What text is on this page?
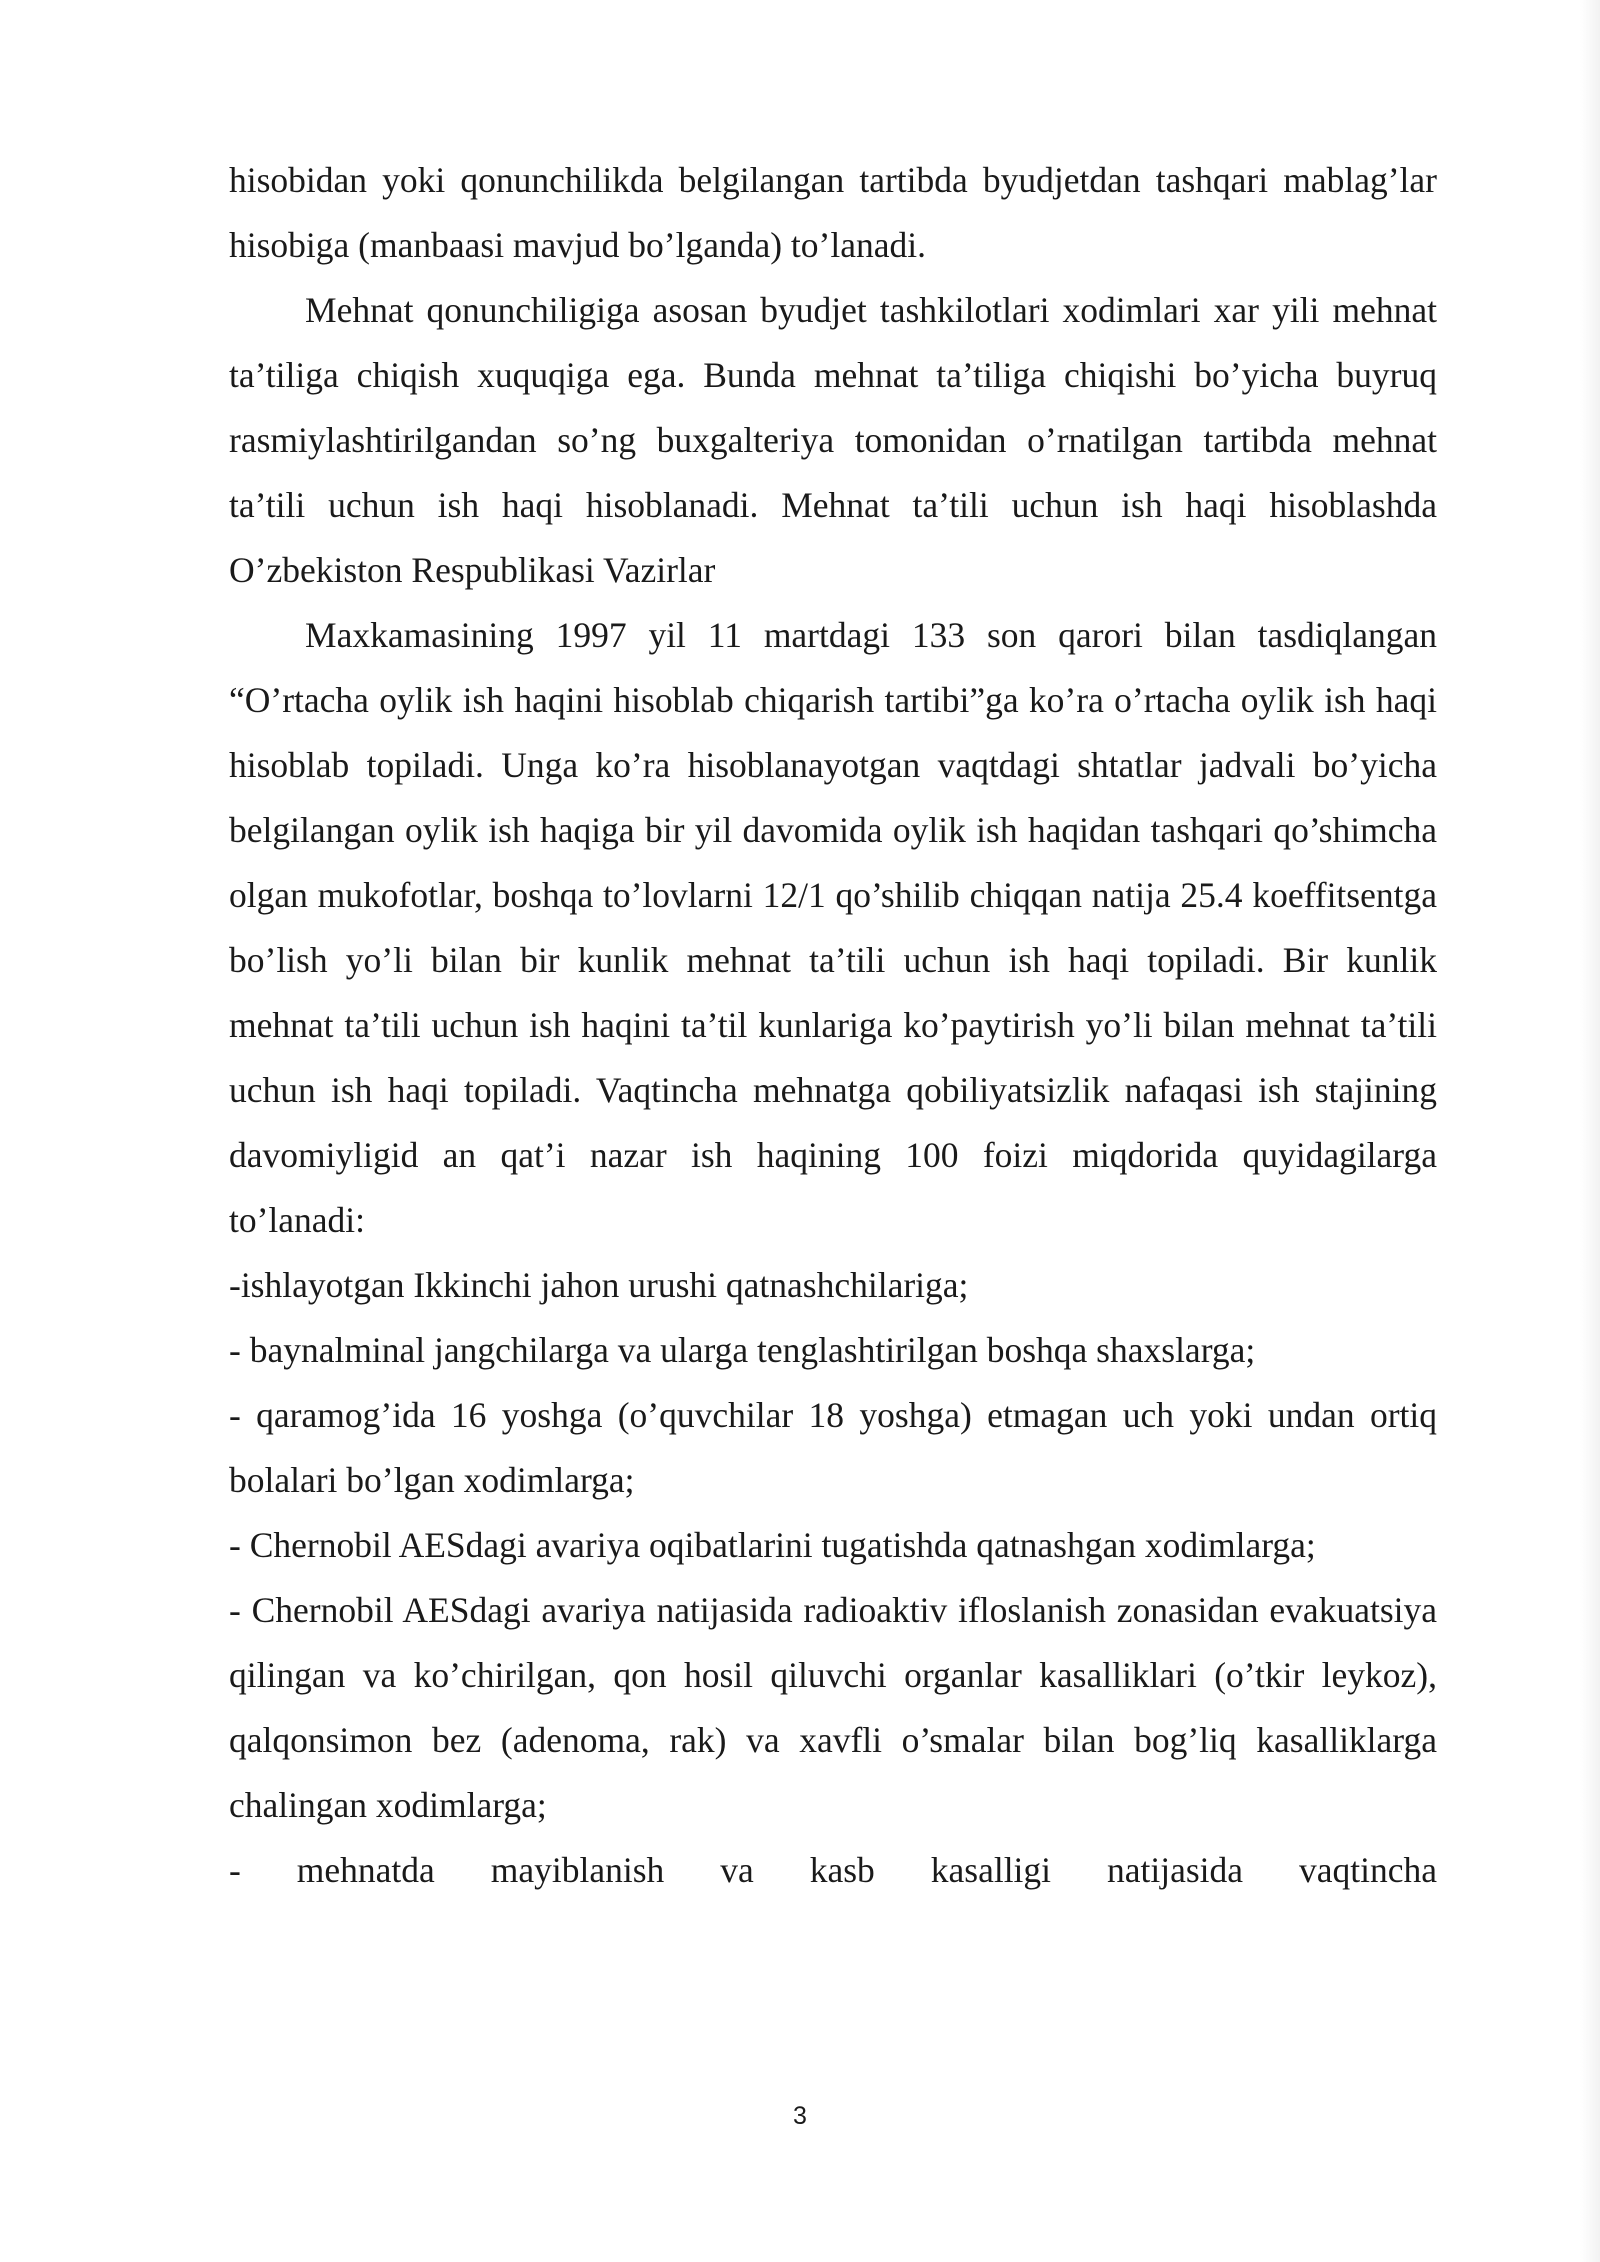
hisobidan yoki qonunchilikda belgilangan tartibda byudjetdan tashqari mablag’lar hisobiga (manbaasi mavjud bo’lganda) to’lanadi.

Mehnat qonunchiligiga asosan byudjet tashkilotlari xodimlari xar yili mehnat ta’tiliga chiqish xuquqiga ega. Bunda mehnat ta’tiliga chiqishi bo’yicha buyruq rasmiylashtirilgandan so’ng buxgalteriya tomonidan o’rnatilgan tartibda mehnat ta’tili uchun ish haqi hisoblanadi. Mehnat ta’tili uchun ish haqi hisoblashda O’zbekiston Respublikasi Vazirlar

Maxkamasining 1997 yil 11 martdagi 133 son qarori bilan tasdiqlangan “O’rtacha oylik ish haqini hisoblab chiqarish tartibi”ga ko’ra o’rtacha oylik ish haqi hisoblab topiladi. Unga ko’ra hisoblanayotgan vaqtdagi shtatlar jadvali bo’yicha belgilangan oylik ish haqiga bir yil davomida oylik ish haqidan tashqari qo’shimcha olgan mukofotlar, boshqa to’lovlarni 12/1 qo’shilib chiqqan natija 25.4 koeffitsentga bo’lish yo’li bilan bir kunlik mehnat ta’tili uchun ish haqi topiladi. Bir kunlik mehnat ta’tili uchun ish haqini ta’til kunlariga ko’paytirish yo’li bilan mehnat ta’tili uchun ish haqi topiladi. Vaqtincha mehnatga qobiliyatsizlik nafaqasi ish stajining davomiyligid an qat’i nazar ish haqining 100 foizi miqdorida quyidagilarga to’lanadi:

-ishlayotgan Ikkinchi jahon urushi qatnashchilariga;

- baynalminal jangchilarga va ularga tenglashtirilgan boshqa shaxslarga;

- qaramog’ida 16 yoshga (o’quvchilar 18 yoshga) etmagan uch yoki undan ortiq bolalari bo’lgan xodimlarga;

- Chernobil AESdagi avariya oqibatlarini tugatishda qatnashgan xodimlarga;

- Chernobil AESdagi avariya natijasida radioaktiv ifloslanish zonasidan evakuatsiya qilingan va ko’chirilgan, qon hosil qiluvchi organlar kasalliklari (o’tkir leykoz), qalqonsimon bez (adenoma, rak) va xavfli o’smalar bilan bog’liq kasalliklarga chalingan xodimlarga;

- mehnatda mayiblanish va kasb kasalligi natijasida vaqtincha

3
